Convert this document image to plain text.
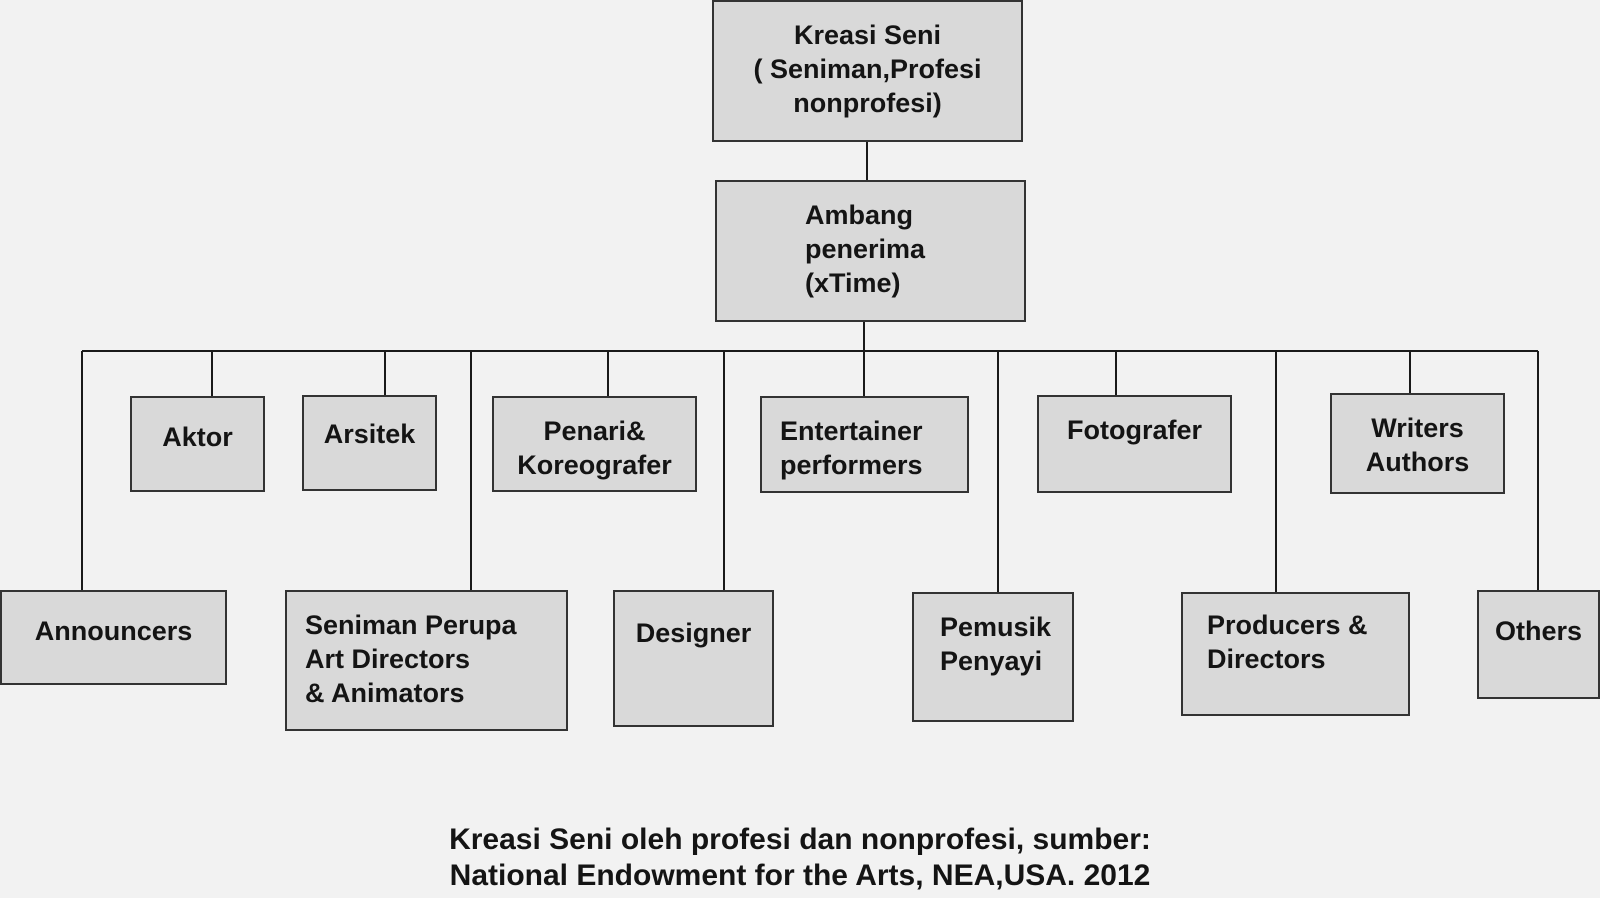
Kreasi Seni
( Seniman,Profesi
nonprofesi)
Ambang
penerima
(xTime)
Aktor	Arsitek	Penari&
Koreografer
Entertainer
performers
Fotografer	Writers
Authors
Announcers	Seniman Perupa
Art Directors
& Animators
Designer	Pemusik
Penyayi
Producers &
Directors
Others
Kreasi Seni oleh profesi dan nonprofesi, sumber:
National Endowment for the Arts, NEA,USA. 2012
